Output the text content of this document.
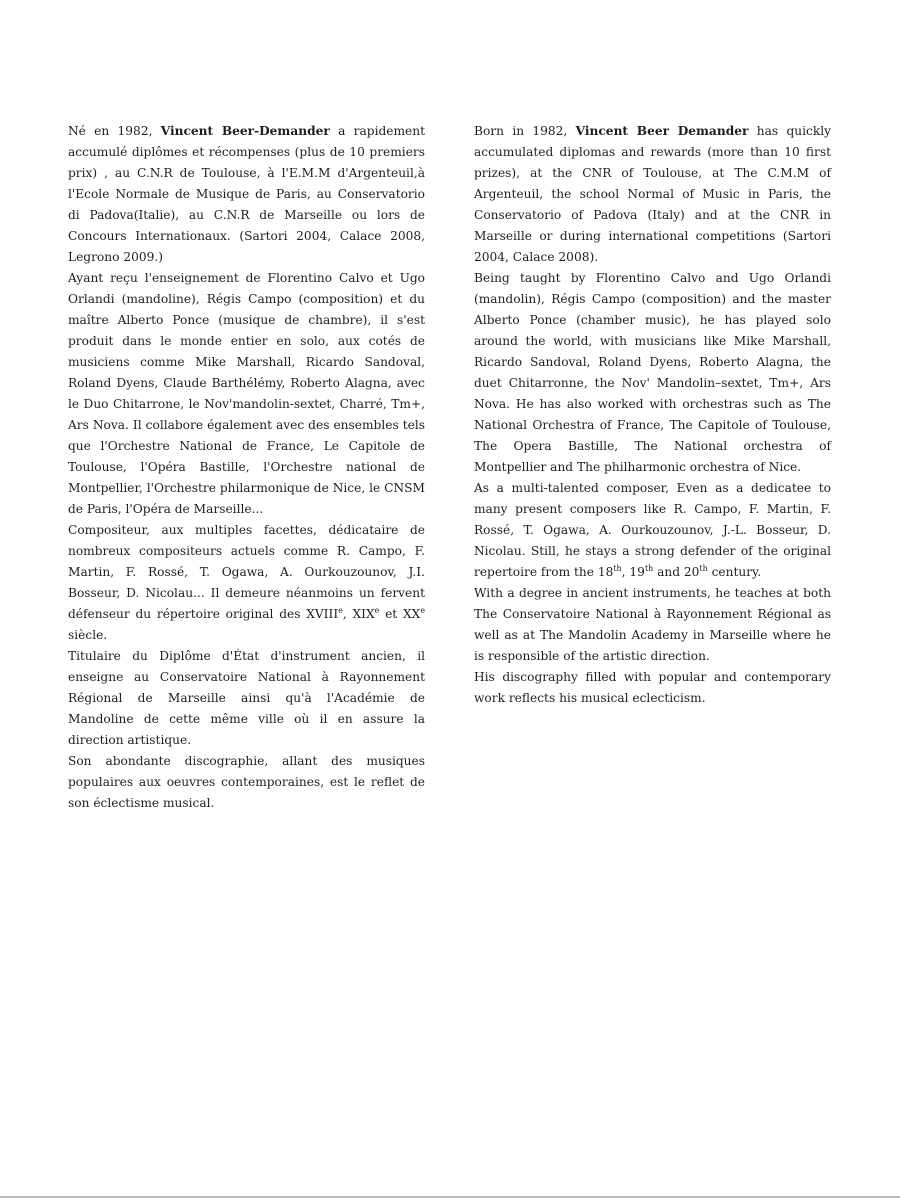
Né en 1982, Vincent Beer-Demander a rapidement accumulé diplômes et récompenses (plus de 10 premiers prix) , au C.N.R de Toulouse, à l'E.M.M d'Argenteuil,à l'Ecole Normale de Musique de Paris, au Conservatorio di Padova(Italie), au C.N.R de Marseille ou lors de Concours Internationaux. (Sartori 2004, Calace 2008, Legrono 2009.)

Ayant reçu l'enseignement de Florentino Calvo et Ugo Orlandi (mandoline), Régis Campo (composition) et du maître Alberto Ponce (musique de chambre), il s'est produit dans le monde entier en solo, aux cotés de musiciens comme Mike Marshall, Ricardo Sandoval, Roland Dyens, Claude Barthélémy, Roberto Alagna, avec le Duo Chitarrone, le Nov'mandolin-sextet, Charré, Tm+, Ars Nova. Il collabore également avec des ensembles tels que l'Orchestre National de France, Le Capitole de Toulouse, l'Opéra Bastille, l'Orchestre national de Montpellier, l'Orchestre philarmonique de Nice, le CNSM de Paris, l'Opéra de Marseille...

Compositeur, aux multiples facettes, dédicataire de nombreux compositeurs actuels comme R. Campo, F. Martin, F. Rossé, T. Ogawa, A. Ourkouzounov, J.I. Bosseur, D. Nicolau... Il demeure néanmoins un fervent défenseur du répertoire original des XVIIIe, XIXe et XXe siècle.

Titulaire du Diplôme d'État d'instrument ancien, il enseigne au Conservatoire National à Rayonnement Régional de Marseille ainsi qu'à l'Académie de Mandoline de cette même ville où il en assure la direction artistique.

Son abondante discographie, allant des musiques populaires aux oeuvres contemporaines, est le reflet de son éclectisme musical.

Born in 1982, Vincent Beer Demander has quickly accumulated diplomas and rewards (more than 10 first prizes), at the CNR of Toulouse, at The C.M.M of Argenteuil, the school Normal of Music in Paris, the Conservatorio of Padova (Italy) and at the CNR in Marseille or during international competitions (Sartori 2004, Calace 2008).

Being taught by Florentino Calvo and Ugo Orlandi (mandolin), Régis Campo (composition) and the master Alberto Ponce (chamber music), he has played solo around the world, with musicians like Mike Marshall, Ricardo Sandoval, Roland Dyens, Roberto Alagna, the duet Chitarronne, the Nov' Mandolin–sextet, Tm+, Ars Nova. He has also worked with orchestras such as The National Orchestra of France, The Capitole of Toulouse, The Opera Bastille, The National orchestra of Montpellier and The philharmonic orchestra of Nice.

As a multi-talented composer, Even as a dedicatee to many present composers like R. Campo, F. Martin, F. Rossé, T. Ogawa, A. Ourkouzounov, J.-L. Bosseur, D. Nicolau. Still, he stays a strong defender of the original repertoire from the 18th, 19th and 20th century.

With a degree in ancient instruments, he teaches at both The Conservatoire National à Rayonnement Régional as well as at The Mandolin Academy in Marseille where he is responsible of the artistic direction.

His discography filled with popular and contemporary work reflects his musical eclecticism.
